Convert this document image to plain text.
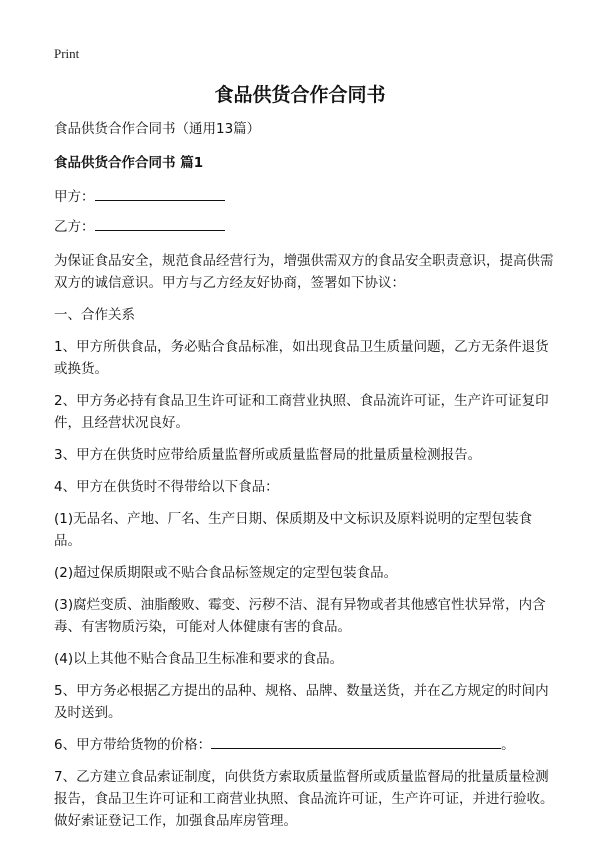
Print

食品供货合作合同书

食品供货合作合同书（通用13篇）

食品供货合作合同书 篇1

甲方：

乙方：

为保证食品安全，规范食品经营行为，增强供需双方的食品安全职责意识，提高供需双方的诚信意识。甲方与乙方经友好协商，签署如下协议：

一、合作关系

1、甲方所供食品，务必贴合食品标准，如出现食品卫生质量问题，乙方无条件退货或换货。

2、甲方务必持有食品卫生许可证和工商营业执照、食品流许可证，生产许可证复印件，且经营状况良好。

3、甲方在供货时应带给质量监督所或质量监督局的批量质量检测报告。

4、甲方在供货时不得带给以下食品：

(1)无品名、产地、厂名、生产日期、保质期及中文标识及原料说明的定型包装食品。

(2)超过保质期限或不贴合食品标签规定的定型包装食品。

(3)腐烂变质、油脂酸败、霉变、污秽不洁、混有异物或者其他感官性状异常，内含毒、有害物质污染，可能对人体健康有害的食品。

(4)以上其他不贴合食品卫生标准和要求的食品。

5、甲方务必根据乙方提出的品种、规格、品牌、数量送货，并在乙方规定的时间内及时送到。

6、甲方带给货物的价格：	。

7、乙方建立食品索证制度，向供货方索取质量监督所或质量监督局的批量质量检测报告，食品卫生许可证和工商营业执照、食品流许可证，生产许可证，并进行验收。做好索证登记工作，加强食品库房管理。
